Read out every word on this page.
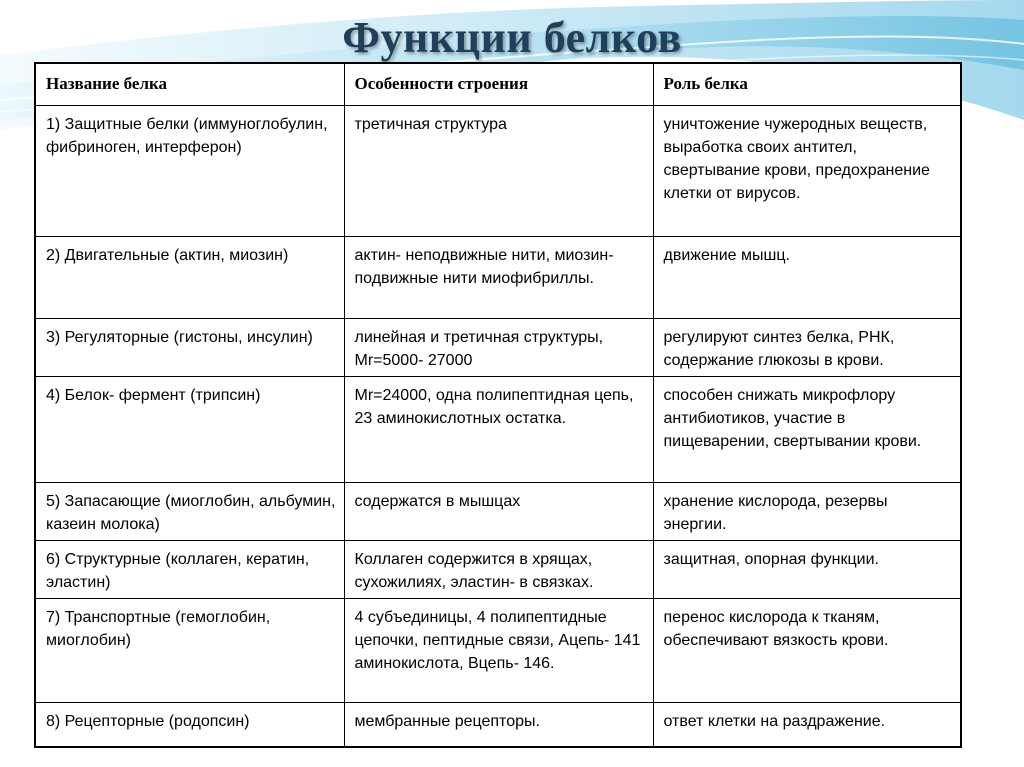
Функции белков
Название белка	Особенности строения	Роль белка
1) Защитные белки (иммуноглобулин, фибриноген, интерферон)	третичная структура	уничтожение чужеродных веществ, выработка своих антител, свертывание крови, предохранение клетки от вирусов.
2) Двигательные (актин, миозин)	актин- неподвижные нити, миозин- подвижные нити миофибриллы.	движение мышц.
3) Регуляторные (гистоны, инсулин)	линейная и третичная структуры, Mr=5000- 27000	регулируют синтез белка, РНК, содержание глюкозы в крови.
4) Белок- фермент (трипсин)	Mr=24000, одна полипептидная цепь, 23 аминокислотных остатка.	способен снижать микрофлору антибиотиков, участие в пищеварении, свертывании крови.
5) Запасающие (миоглобин, альбумин, казеин молока)	содержатся в мышцах	хранение кислорода, резервы энергии.
6) Структурные (коллаген, кератин, эластин)	Коллаген содержится в хрящах, сухожилиях, эластин- в связках.	защитная, опорная функции.
7) Транспортные (гемоглобин, миоглобин)	4 субъединицы, 4 полипептидные цепочки, пептидные связи, Ацепь- 141 аминокислота, Вцепь- 146.	перенос кислорода к тканям, обеспечивают вязкость крови.
8) Рецепторные (родопсин)	мембранные рецепторы.	ответ клетки на раздражение.
